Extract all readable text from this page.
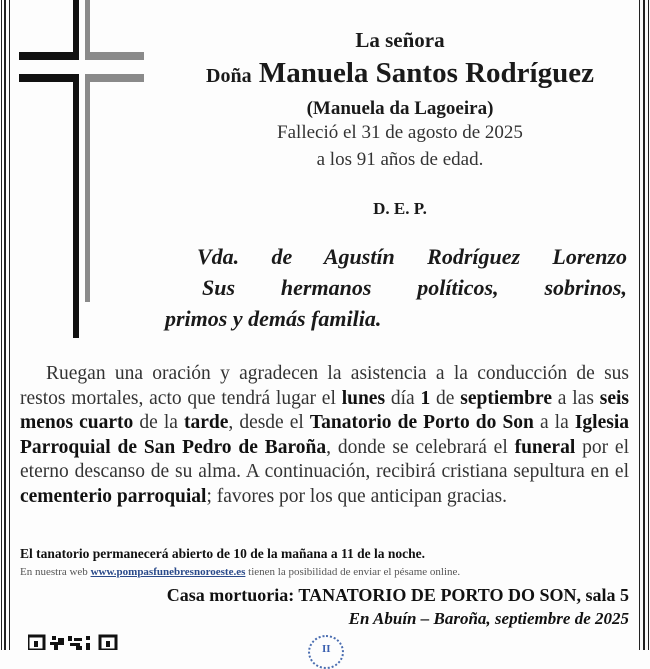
La señora
Doña Manuela Santos Rodríguez
(Manuela da Lagoeira)
Falleció el 31 de agosto de 2025
a los 91 años de edad.
D. E. P.
Vda. de Agustín Rodríguez Lorenzo
Sus hermanos políticos, sobrinos,
primos y demás familia.
Ruegan una oración y agradecen la asistencia a la conducción de sus restos mortales, acto que tendrá lugar el lunes día 1 de septiembre a las seis menos cuarto de la tarde, desde el Tanatorio de Porto do Son a la Iglesia Parroquial de San Pedro de Baroña, donde se celebrará el funeral por el eterno descanso de su alma. A continuación, recibirá cristiana sepultura en el cementerio parroquial; favores por los que anticipan gracias.
El tanatorio permanecerá abierto de 10 de la mañana a 11 de la noche.
En nuestra web www.pompasfunebresnoroeste.es tienen la posibilidad de enviar el pésame online.
Casa mortuoria: TANATORIO DE PORTO DO SON, sala 5
En Abuín – Baroña, septiembre de 2025
II
